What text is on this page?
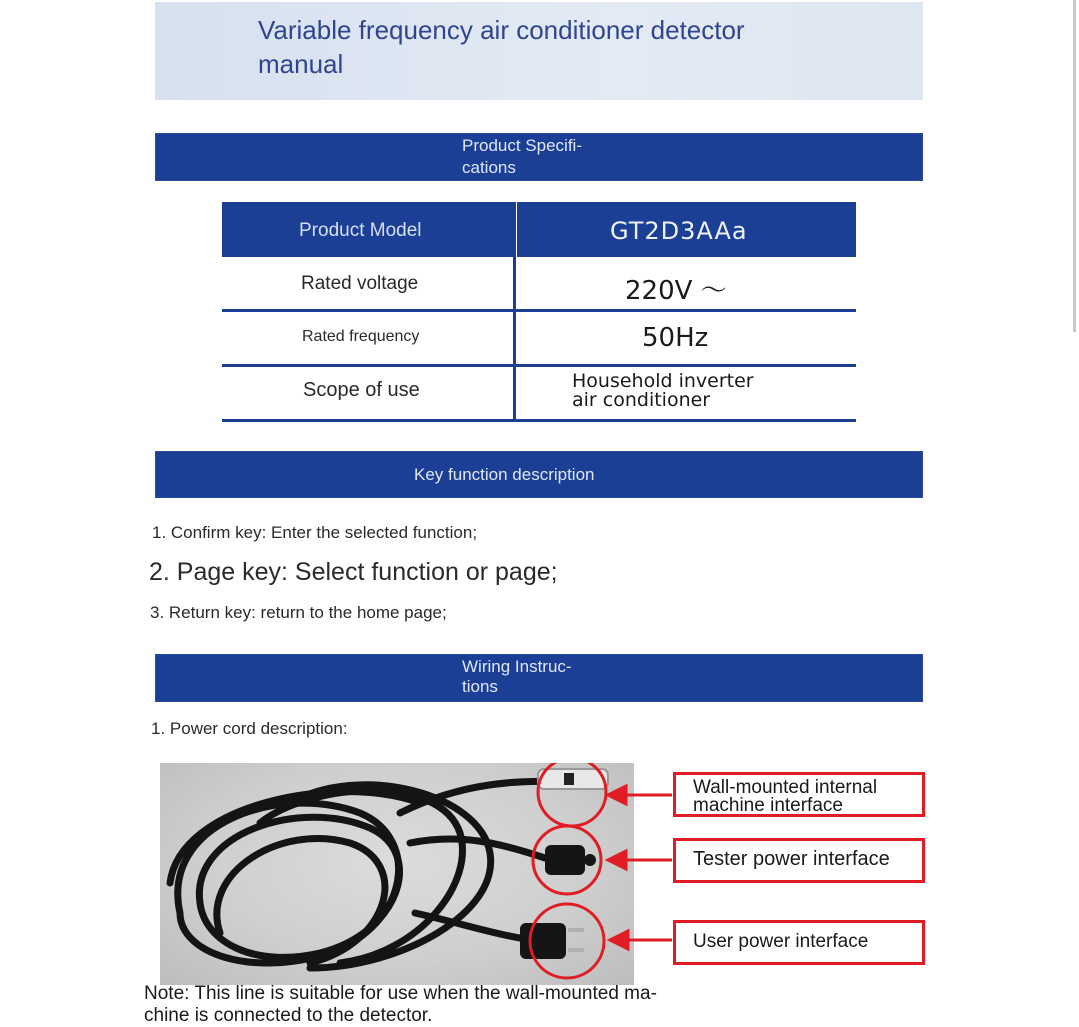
Variable frequency air conditioner detector manual
Product Specifi-
cations
Product Model	GT2D3AAa
Rated voltage	220V ～
Rated frequency	50Hz
Scope of use	Household inverter
air conditioner
Key function description
1. Confirm key: Enter the selected function;
2. Page key: Select function or page;
3. Return key: return to the home page;
Wiring Instruc-
tions
1. Power cord description:
Wall-mounted internal
machine interface
Tester power interface
User power interface
Note: This line is suitable for use when the wall-mounted ma-
chine is connected to the detector.
